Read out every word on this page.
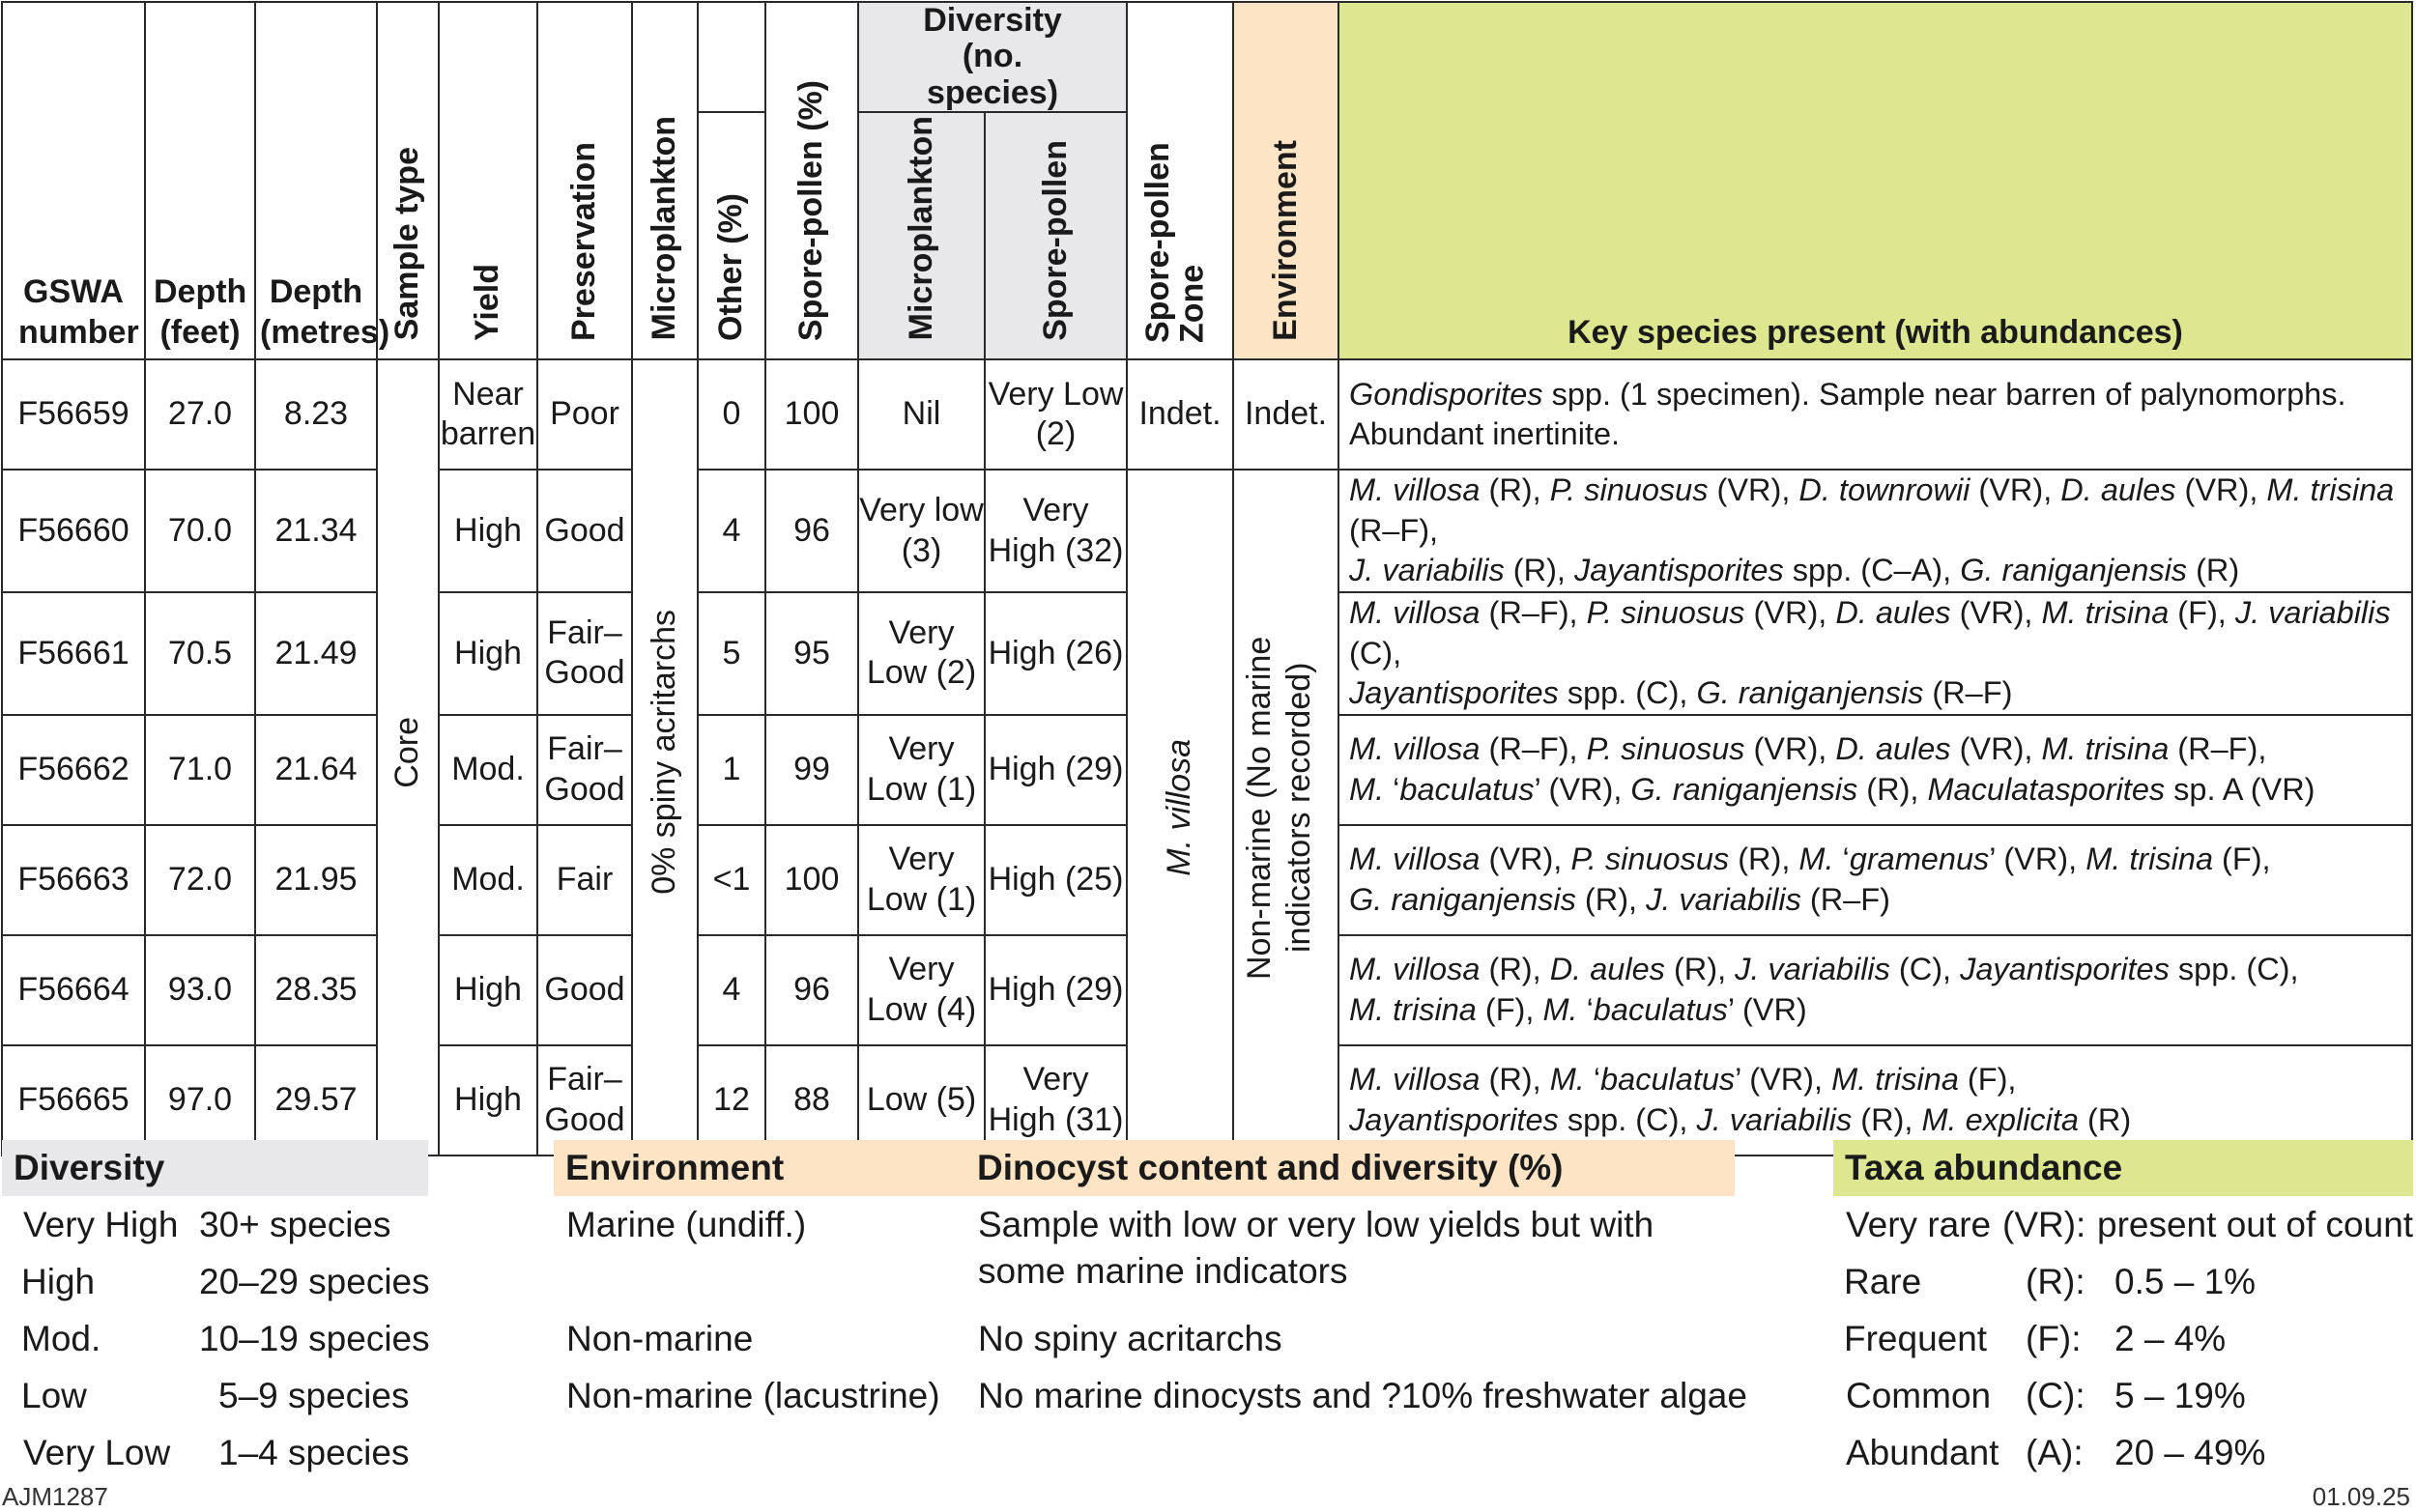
GSWA number	Depth (feet)	Depth (metres)	Sample type	Yield	Preservation	Microplankton		Spore-pollen (%)	Diversity (no. species)		Spore-pollen Zone	Environment	Key species present (with abundances)
							Other (%)		Microplankton	Spore-pollen			
F56659	27.0	8.23	Core	Near barren	Poor	0% spiny acritarchs	0	100	Nil	Very Low (2)	Indet.	Indet.	Gondisporites spp. (1 specimen). Sample near barren of palynomorphs.
Abundant inertinite.
F56660	70.0	21.34		High	Good		4	96	Very low (3)	Very High (32)	M. villosa	Non-marine (No marine indicators recorded)	M. villosa (R), P. sinuosus (VR), D. townrowii (VR), D. aules (VR), M. trisina (R–F),
J. variabilis (R), Jayantisporites spp. (C–A), G. raniganjensis (R)
F56661	70.5	21.49		High	Fair–Good		5	95	Very Low (2)	High (26)			M. villosa (R–F), P. sinuosus (VR), D. aules (VR), M. trisina (F), J. variabilis (C),
Jayantisporites spp. (C), G. raniganjensis (R–F)
F56662	71.0	21.64		Mod.	Fair–Good		1	99	Very Low (1)	High (29)			M. villosa (R–F), P. sinuosus (VR), D. aules (VR), M. trisina (R–F),
M. ‘baculatus’ (VR), G. raniganjensis (R), Maculatasporites sp. A (VR)
F56663	72.0	21.95		Mod.	Fair		<1	100	Very Low (1)	High (25)			M. villosa (VR), P. sinuosus (R), M. ‘gramenus’ (VR), M. trisina (F),
G. raniganjensis (R), J. variabilis (R–F)
F56664	93.0	28.35		High	Good		4	96	Very Low (4)	High (29)			M. villosa (R), D. aules (R), J. variabilis (C), Jayantisporites spp. (C),
M. trisina (F), M. ‘baculatus’ (VR)
F56665	97.0	29.57		High	Fair–Good		12	88	Low (5)	Very High (31)			M. villosa (R), M. ‘baculatus’ (VR), M. trisina (F),
Jayantisporites spp. (C), J. variabilis (R), M. explicita (R)
Diversity
Very High 30+ species
High	20–29 species
Mod.	10–19 species
Low	5–9 species
Very Low 1–4 species
Environment	Dinocyst content and diversity (%)
Marine (undiff.)	Sample with low or very low yields but with some marine indicators
Non-marine	No spiny acritarchs
Non-marine (lacustrine) No marine dinocysts and ?10% freshwater algae
Taxa abundance
Very rare (VR): present out of count
Rare	(R): 0.5 – 1%
Frequent (F): 2 – 4%
Common (C): 5 – 19%
Abundant (A): 20 – 49%
AJM1287	01.09.25
